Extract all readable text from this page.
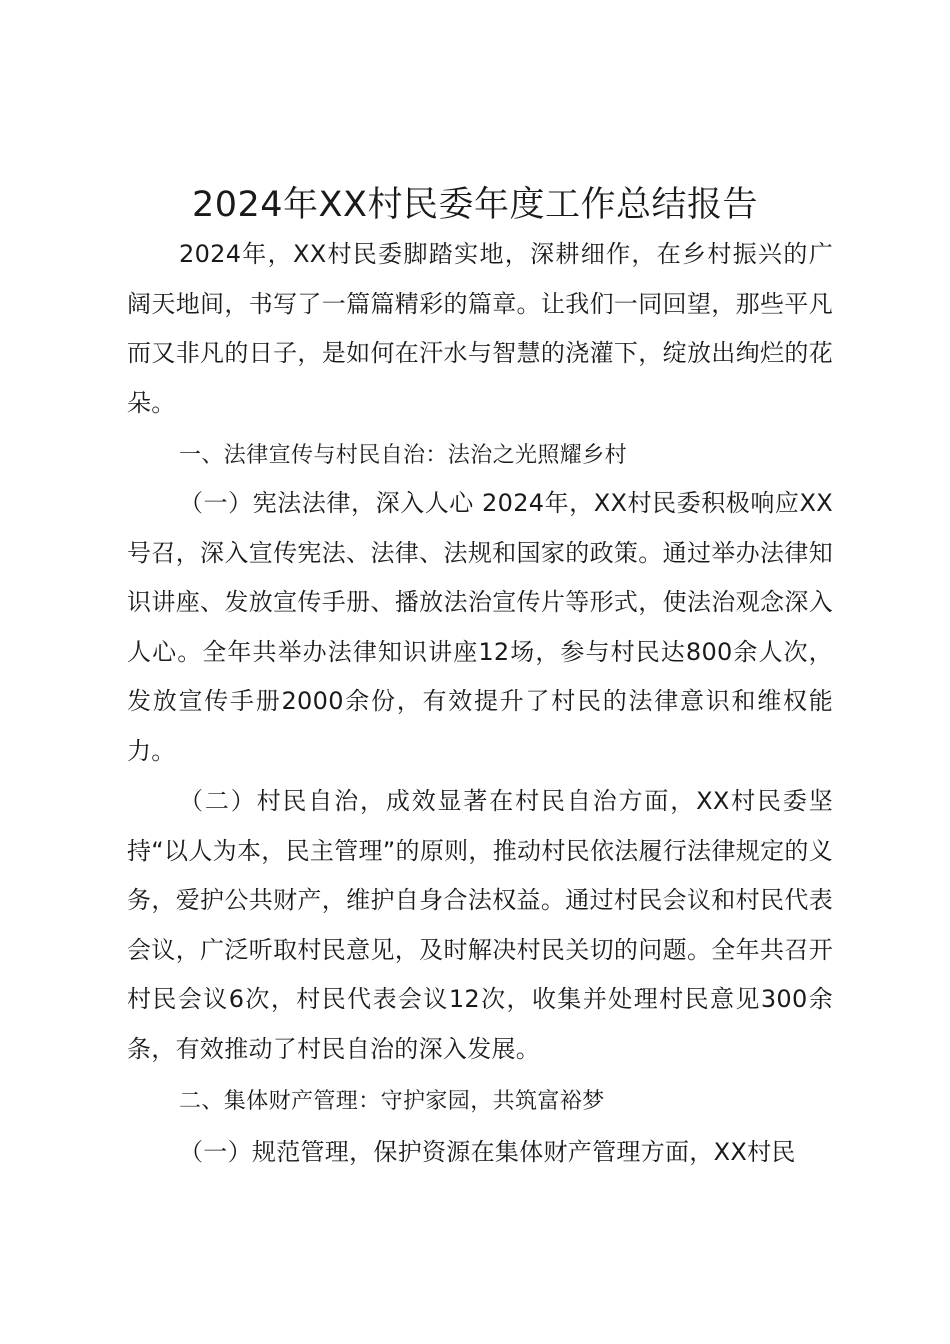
2024年XX村民委年度工作总结报告

2024年，XX村民委脚踏实地，深耕细作，在乡村振兴的广阔天地间，书写了一篇篇精彩的篇章。让我们一同回望，那些平凡而又非凡的日子，是如何在汗水与智慧的浇灌下，绽放出绚烂的花朵。

一、法律宣传与村民自治：法治之光照耀乡村

（一）宪法法律，深入人心 2024年，XX村民委积极响应XX号召，深入宣传宪法、法律、法规和国家的政策。通过举办法律知识讲座、发放宣传手册、播放法治宣传片等形式，使法治观念深入人心。全年共举办法律知识讲座12场，参与村民达800余人次，发放宣传手册2000余份，有效提升了村民的法律意识和维权能力。

（二）村民自治，成效显著在村民自治方面，XX村民委坚持“以人为本，民主管理”的原则，推动村民依法履行法律规定的义务，爱护公共财产，维护自身合法权益。通过村民会议和村民代表会议，广泛听取村民意见，及时解决村民关切的问题。全年共召开村民会议6次，村民代表会议12次，收集并处理村民意见300余条，有效推动了村民自治的深入发展。

二、集体财产管理：守护家园，共筑富裕梦

（一）规范管理，保护资源在集体财产管理方面，XX村民
